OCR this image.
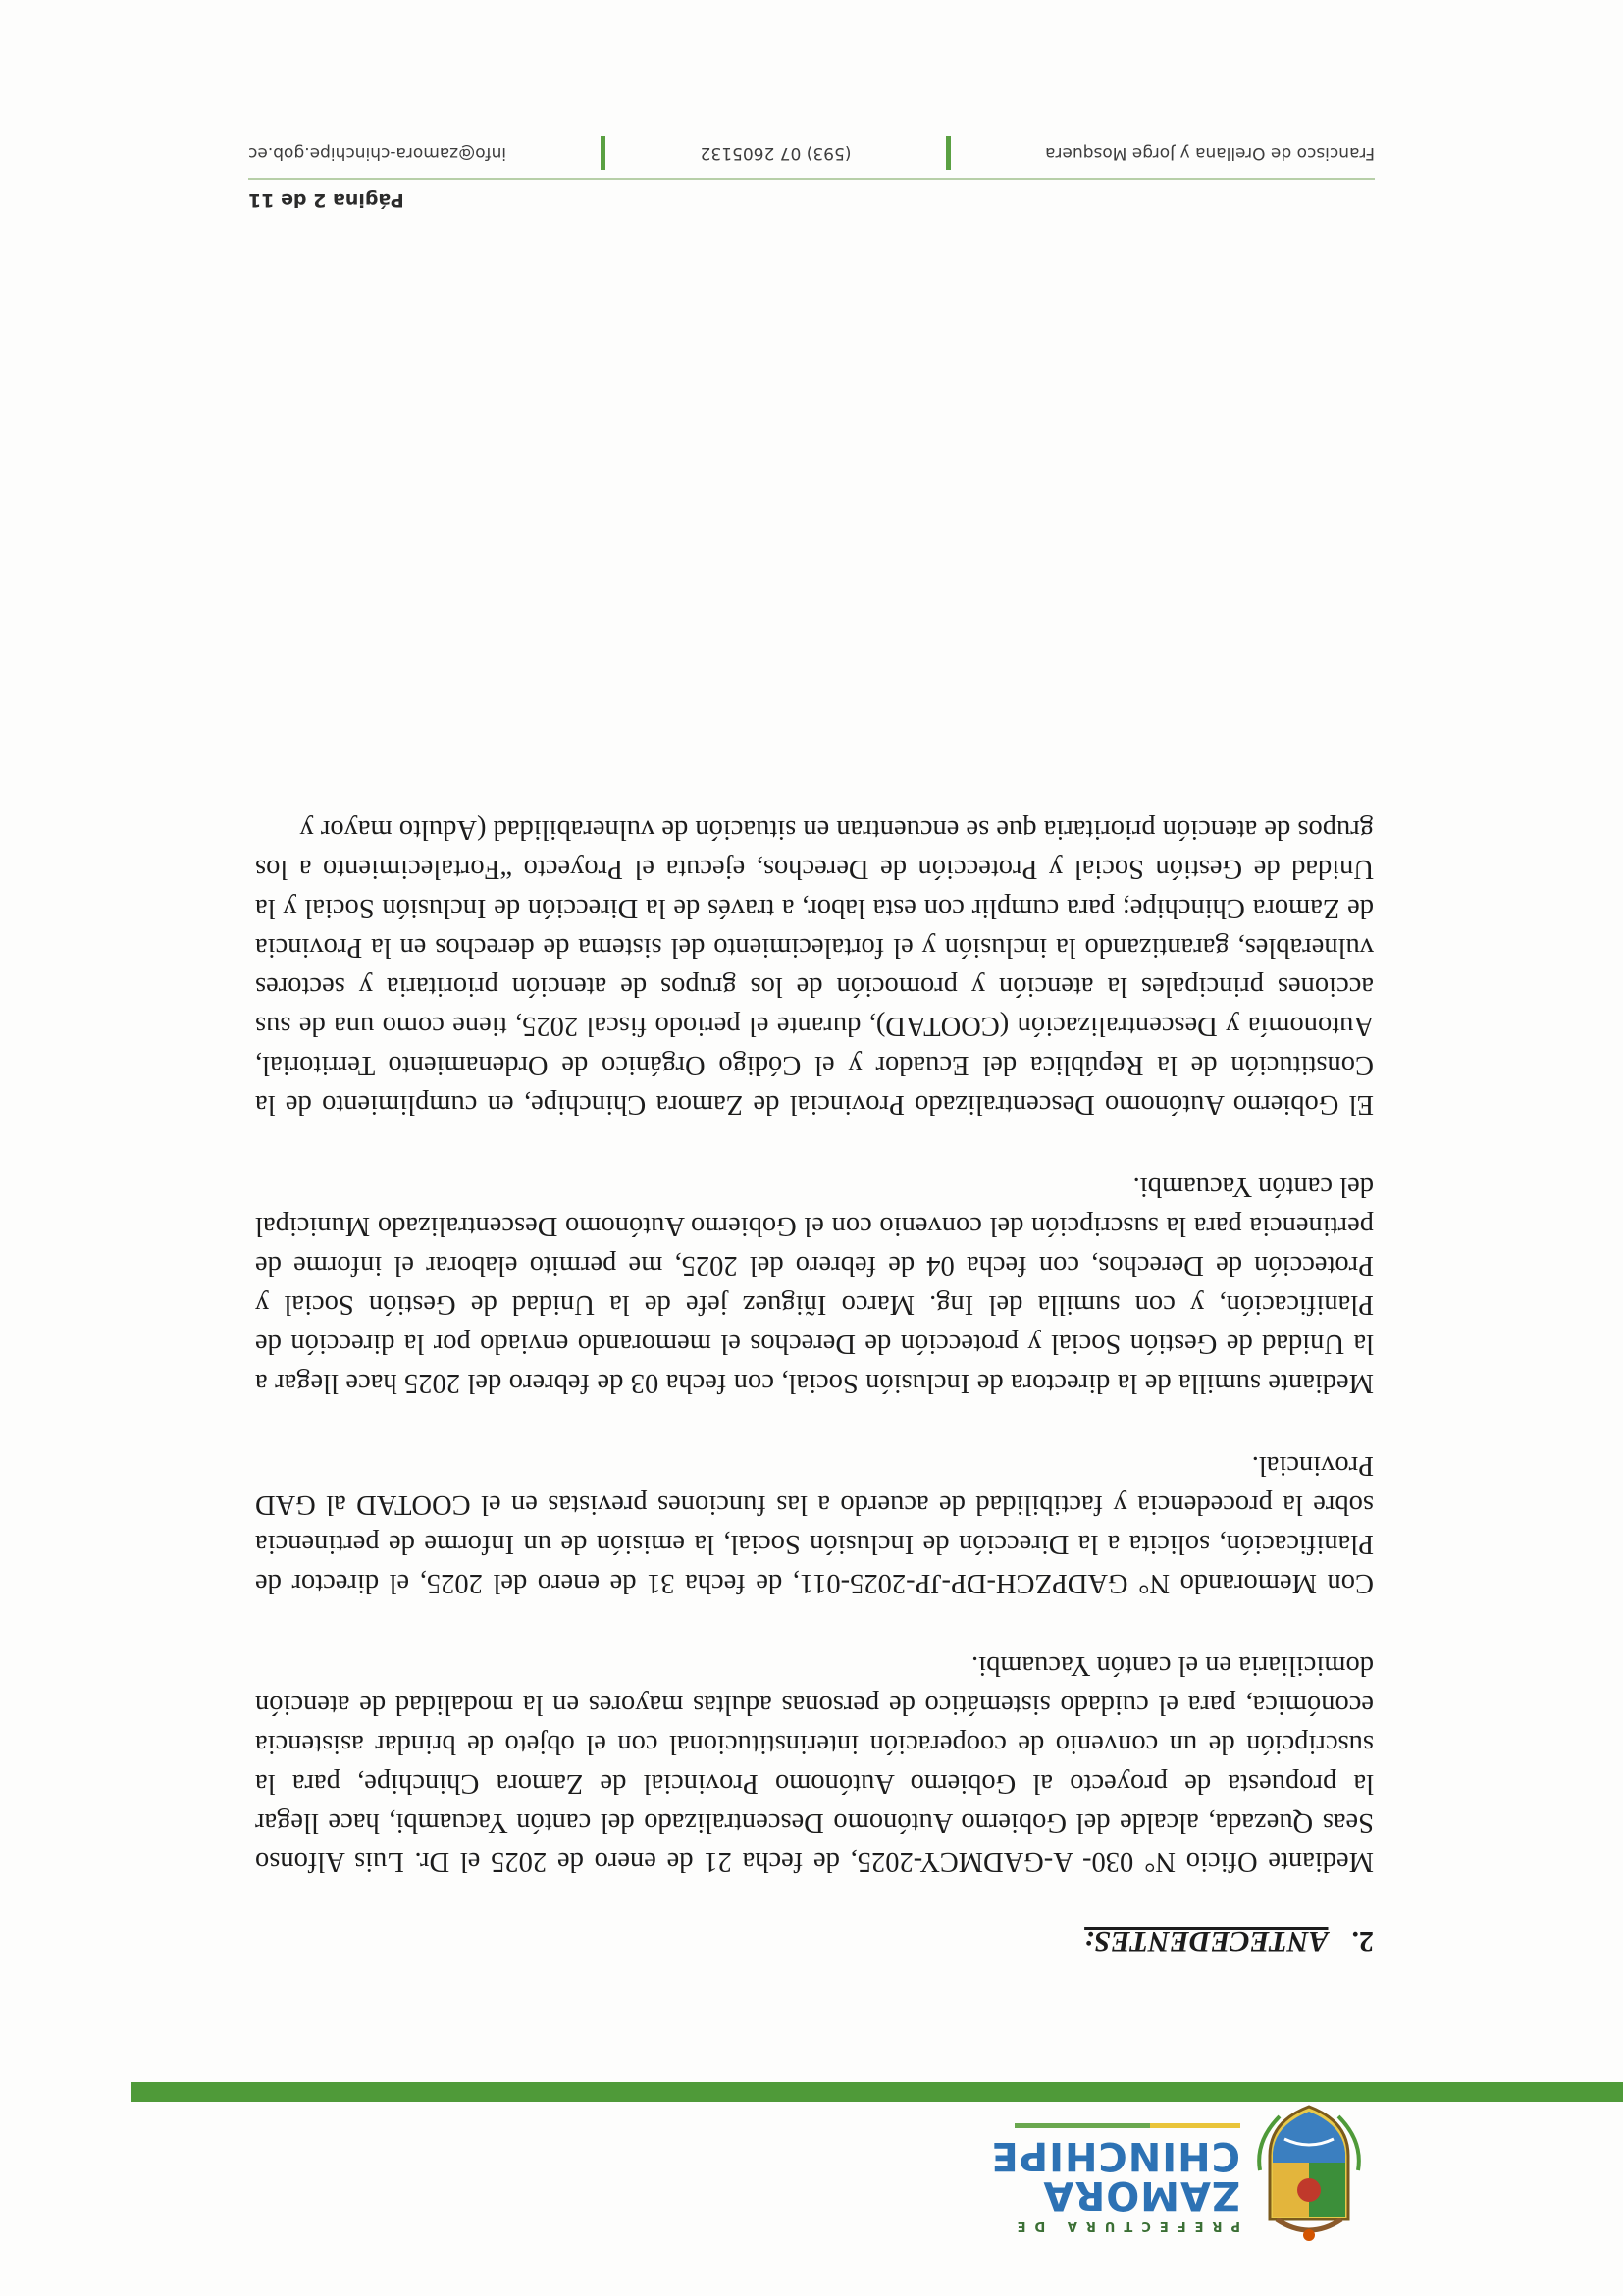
PREFECTURA DE
ZAMORA
CHINCHIPE
2.ANTECEDENTES:

Mediante Oficio N° 030- A-GADMCY-2025, de fecha 21 de enero de 2025 el Dr. Luis Alfonso Seas Quezada, alcalde del Gobierno Autónomo Descentralizado del cantón Yacuambi, hace llegar la propuesta de proyecto al Gobierno Autónomo Provincial de Zamora Chinchipe, para la suscripción de un convenio de cooperación interinstitucional con el objeto de brindar asistencia económica, para el cuidado sistemático de personas adultas mayores en la modalidad de atención domiciliaria en el cantón Yacuambi.

Con Memorando N° GADPZCH-DP-JP-2025-011, de fecha 31 de enero del 2025, el director de Planificación, solicita a la Dirección de Inclusión Social, la emisión de un Informe de pertinencia sobre la procedencia y factibilidad de acuerdo a las funciones previstas en el COOTAD al GAD Provincial.

Mediante sumilla de la directora de Inclusión Social, con fecha 03 de febrero del 2025 hace llegar a la Unidad de Gestión Social y protección de Derechos el memorando enviado por la dirección de Planificación, y con sumilla del Ing. Marco Iñiguez jefe de la Unidad de Gestión Social y Protección de Derechos, con fecha 04 de febrero del 2025, me permito elaborar el informe de pertinencia para la suscripción del convenio con el Gobierno Autónomo Descentralizado Municipal del cantón Yacuambi.

El Gobierno Autónomo Descentralizado Provincial de Zamora Chinchipe, en cumplimiento de la Constitución de la República del Ecuador y el Código Orgánico de Ordenamiento Territorial, Autonomía y Descentralización (COOTAD), durante el periodo fiscal 2025, tiene como una de sus acciones principales la atención y promoción de los grupos de atención prioritaria y sectores vulnerables, garantizando la inclusión y el fortalecimiento del sistema de derechos en la Provincia de Zamora Chinchipe; para cumplir con esta labor, a través de la Dirección de Inclusión Social y la Unidad de Gestión Social y Protección de Derechos, ejecuta el Proyecto “Fortalecimiento a los grupos de atención prioritaria que se encuentran en situación de vulnerabilidad (Adulto mayor y

Página 2 de 11
Francisco de Orellana y Jorge Mosquera
(593) 07 2605132
info@zamora-chinchipe.gob.ec
